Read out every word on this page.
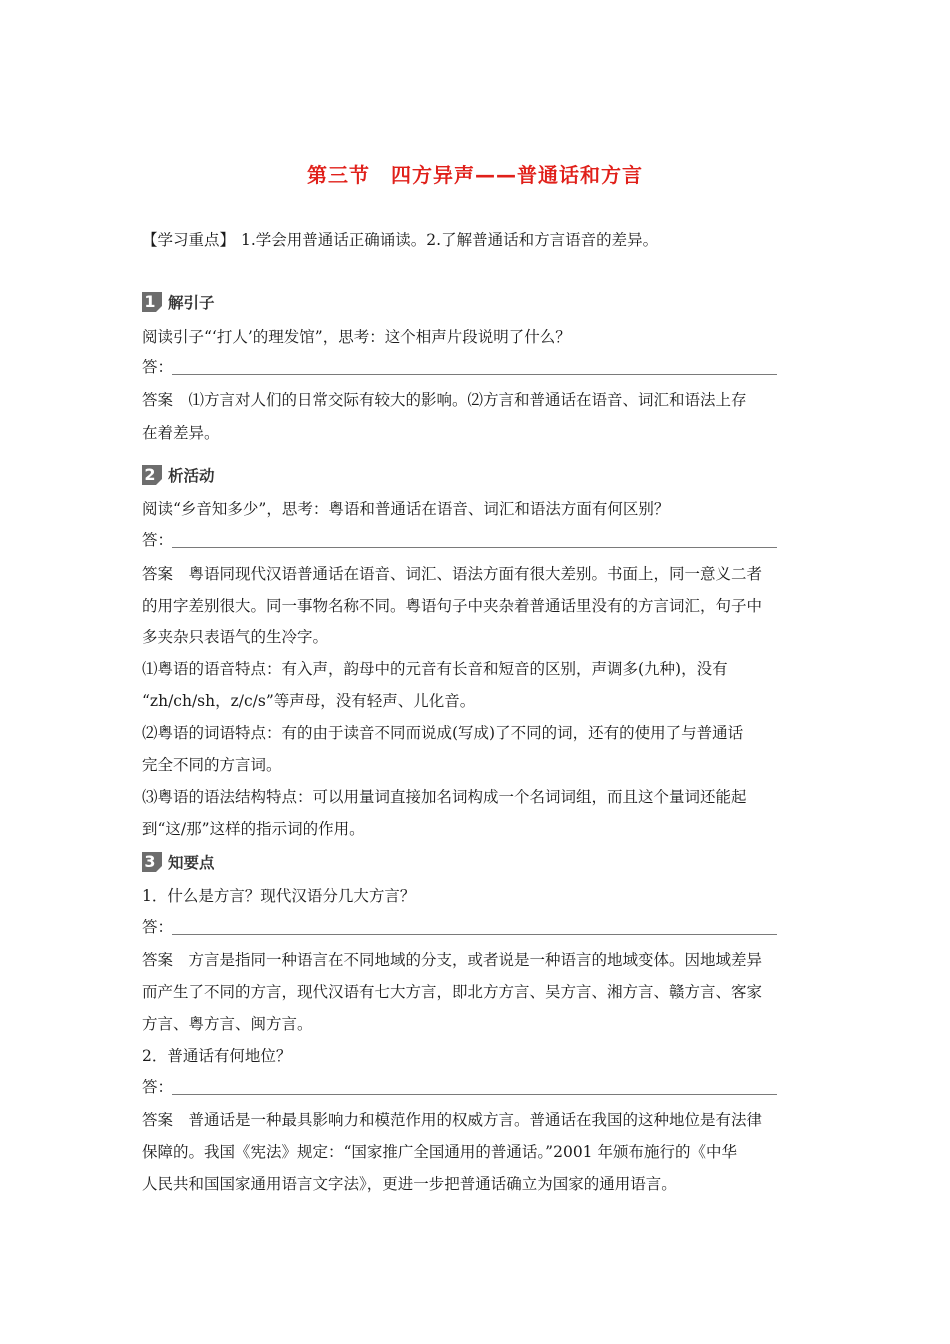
第三节　四方异声——普通话和方言
【学习重点】 1.学会用普通话正确诵读。2.了解普通话和方言语音的差异。
1 解引子
阅读引子“‘打人’的理发馆”，思考：这个相声片段说明了什么？
答：
答案　⑴方言对人们的日常交际有较大的影响。⑵方言和普通话在语音、词汇和语法上存
在着差异。
2 析活动
阅读“乡音知多少”，思考：粤语和普通话在语音、词汇和语法方面有何区别？
答：
答案　粤语同现代汉语普通话在语音、词汇、语法方面有很大差别。书面上，同一意义二者
的用字差别很大。同一事物名称不同。粤语句子中夹杂着普通话里没有的方言词汇，句子中
多夹杂只表语气的生冷字。
⑴粤语的语音特点：有入声，韵母中的元音有长音和短音的区别，声调多(九种)，没有
“zh/ch/sh，z/c/s”等声母，没有轻声、儿化音。
⑵粤语的词语特点：有的由于读音不同而说成(写成)了不同的词，还有的使用了与普通话
完全不同的方言词。
⑶粤语的语法结构特点：可以用量词直接加名词构成一个名词词组，而且这个量词还能起
到“这/那”这样的指示词的作用。
3 知要点
1．什么是方言？现代汉语分几大方言？
答：
答案　方言是指同一种语言在不同地域的分支，或者说是一种语言的地域变体。因地域差异
而产生了不同的方言，现代汉语有七大方言，即北方方言、吴方言、湘方言、赣方言、客家
方言、粤方言、闽方言。
2．普通话有何地位？
答：
答案　普通话是一种最具影响力和模范作用的权威方言。普通话在我国的这种地位是有法律
保障的。我国《宪法》规定：“国家推广全国通用的普通话。”2001 年颁布施行的《中华
人民共和国国家通用语言文字法》，更进一步把普通话确立为国家的通用语言。
